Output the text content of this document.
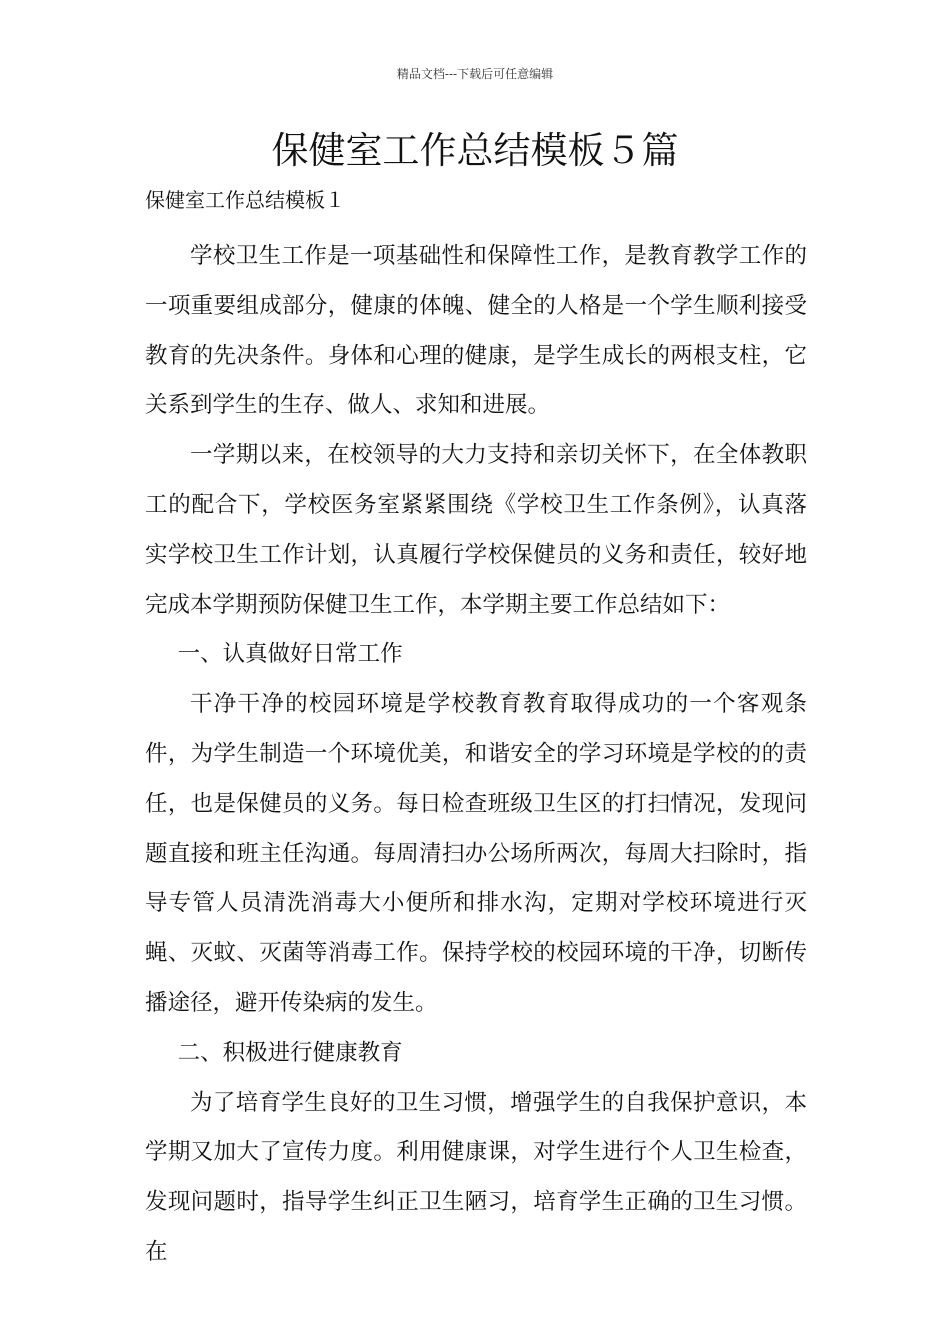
精品文档---下载后可任意编辑
保健室工作总结模板５篇
保健室工作总结模板１

学校卫生工作是一项基础性和保障性工作，是教育教学工作的一项重要组成部分，健康的体魄、健全的人格是一个学生顺利接受教育的先决条件。身体和心理的健康，是学生成长的两根支柱，它关系到学生的生存、做人、求知和进展。

一学期以来，在校领导的大力支持和亲切关怀下，在全体教职工的配合下，学校医务室紧紧围绕《学校卫生工作条例》，认真落实学校卫生工作计划，认真履行学校保健员的义务和责任，较好地完成本学期预防保健卫生工作，本学期主要工作总结如下：

一、认真做好日常工作

干净干净的校园环境是学校教育教育取得成功的一个客观条件，为学生制造一个环境优美，和谐安全的学习环境是学校的的责任，也是保健员的义务。每日检查班级卫生区的打扫情况，发现问题直接和班主任沟通。每周清扫办公场所两次，每周大扫除时，指导专管人员清洗消毒大小便所和排水沟，定期对学校环境进行灭蝇、灭蚊、灭菌等消毒工作。保持学校的校园环境的干净，切断传播途径，避开传染病的发生。

二、积极进行健康教育

为了培育学生良好的卫生习惯，增强学生的自我保护意识，本学期又加大了宣传力度。利用健康课，对学生进行个人卫生检查，发现问题时，指导学生纠正卫生陋习，培育学生正确的卫生习惯。在
